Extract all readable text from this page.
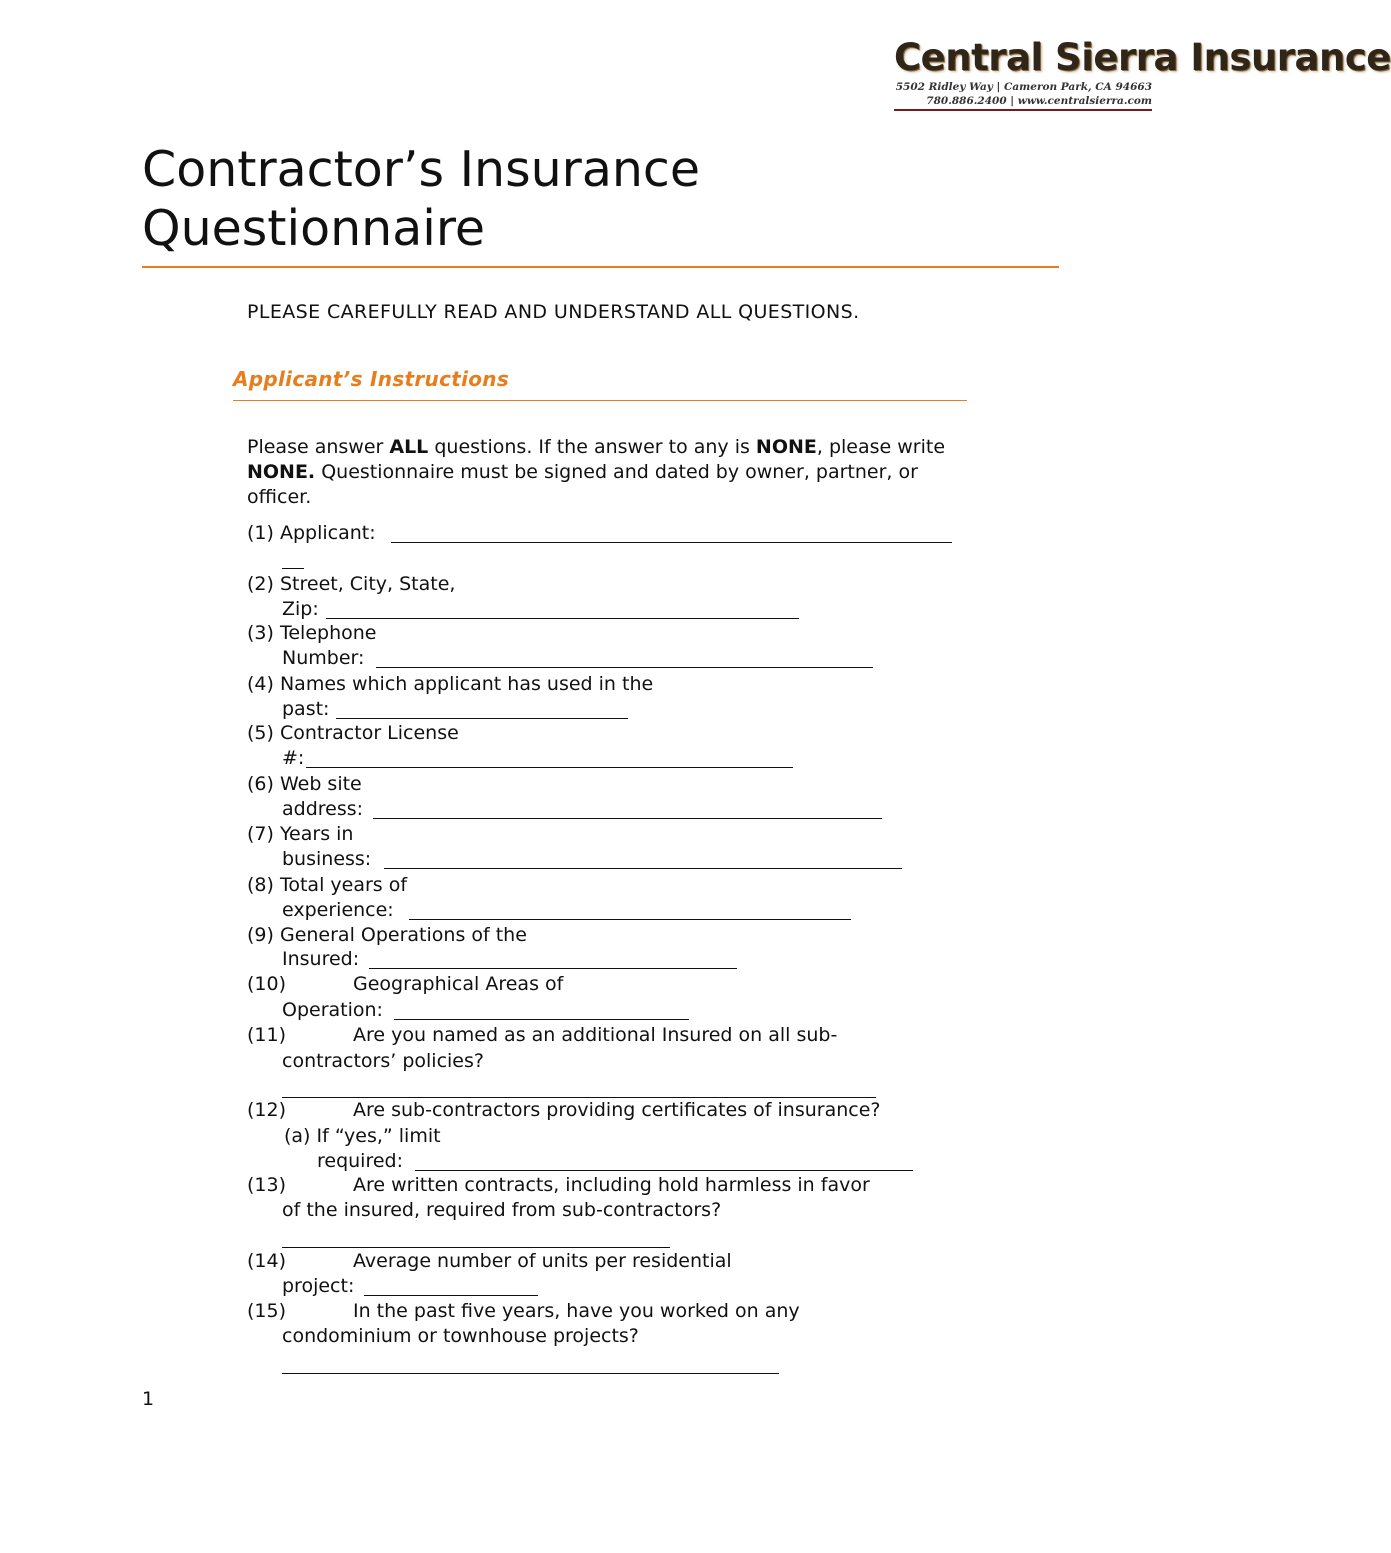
Central Sierra Insurance
5502 Ridley Way | Cameron Park, CA 94663
780.886.2400 | www.centralsierra.com
Contractor’s Insurance
Questionnaire
PLEASE CAREFULLY READ AND UNDERSTAND ALL QUESTIONS.
Applicant’s Instructions
Please answer ALL questions. If the answer to any is NONE, please write NONE. Questionnaire must be signed and dated by owner, partner, or officer.
(1) Applicant:
(2) Street, City, State,
Zip:
(3) Telephone
Number:
(4) Names which applicant has used in the
past:
(5) Contractor License
#:
(6) Web site
address:
(7) Years in
business:
(8) Total years of
experience:
(9) General Operations of the
Insured:
(10)	Geographical Areas of
Operation:
(11)	Are you named as an additional Insured on all sub-
contractors’ policies?
(12)	Are sub-contractors providing certificates of insurance?
(a) If “yes,” limit
required:
(13)	Are written contracts, including hold harmless in favor
of the insured, required from sub-contractors?
(14)	Average number of units per residential
project:
(15)	In the past five years, have you worked on any
condominium or townhouse projects?
1
